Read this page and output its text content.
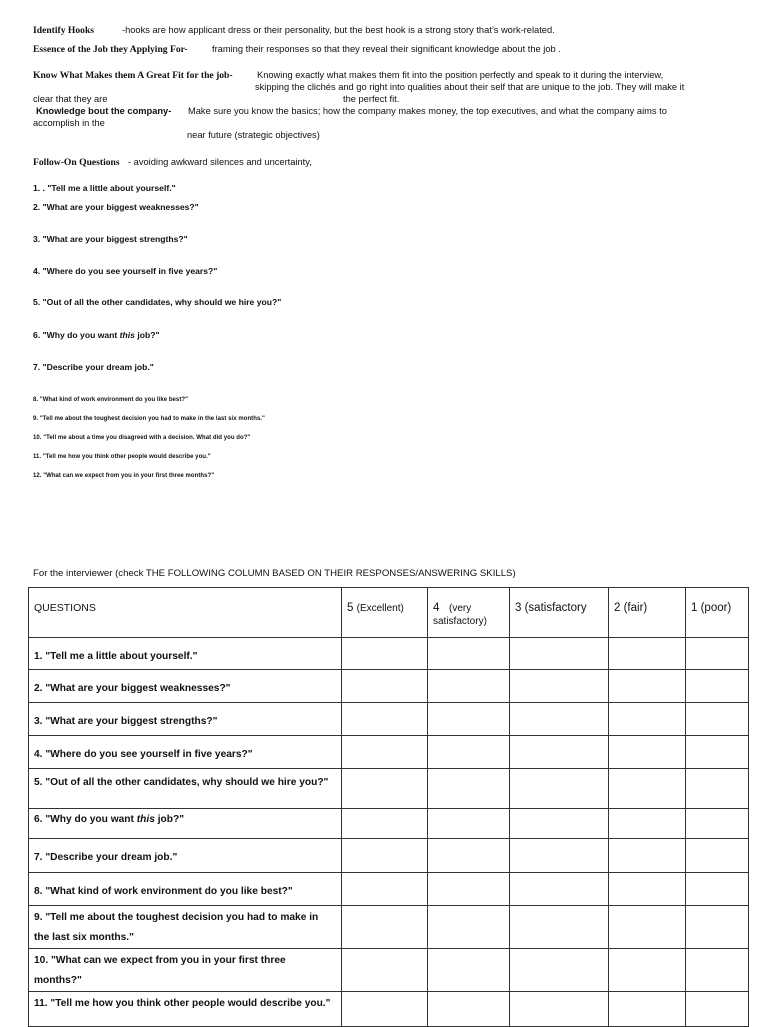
Identify Hooks	-hooks are how applicant dress or their personality, but the best hook is a strong story that’s work-related.
Essence of the Job they Applying For-	framing their responses so that they reveal their significant knowledge about the job .
Know What Makes them A Great Fit for the job-	Knowing exactly what makes them fit into the position perfectly and speak to it during the interview,
skipping the clichés and go right into qualities about their self that are unique to the job. They will make it
clear that they are	the perfect fit.
Knowledge bout the company- Make sure you know the basics; how the company makes money, the top executives, and what the company aims to
accomplish in the
near future (strategic objectives)
Follow-On Questions - avoiding awkward silences and uncertainty,
1. . "Tell me a little about yourself."
2. "What are your biggest weaknesses?"
3. "What are your biggest strengths?"
4. "Where do you see yourself in five years?"
5. "Out of all the other candidates, why should we hire you?"
6. "Why do you want this job?"
7. "Describe your dream job."
8. "What kind of work environment do you like best?"
9. "Tell me about the toughest decision you had to make in the last six months."
10. "Tell me about a time you disagreed with a decision. What did you do?"
11. "Tell me how you think other people would describe you."
12. "What can we expect from you in your first three months?"
For the interviewer (check THE FOLLOWING COLUMN BASED ON THEIR RESPONSES/ANSWERING SKILLS)
QUESTIONS	5 (Excellent)	4 (very satisfactory)	3 (satisfactory	2 (fair)	1 (poor)
1. "Tell me a little about yourself."					
2. "What are your biggest weaknesses?"					
3. "What are your biggest strengths?"					
4. "Where do you see yourself in five years?"					
5. "Out of all the other candidates, why should we hire you?"					
6. "Why do you want this job?"					
7. "Describe your dream job."					
8. "What kind of work environment do you like best?"					
9. "Tell me about the toughest decision you had to make in the last six months."					
10. "What can we expect from you in your first three months?"					
11. "Tell me how you think other people would describe you."					
